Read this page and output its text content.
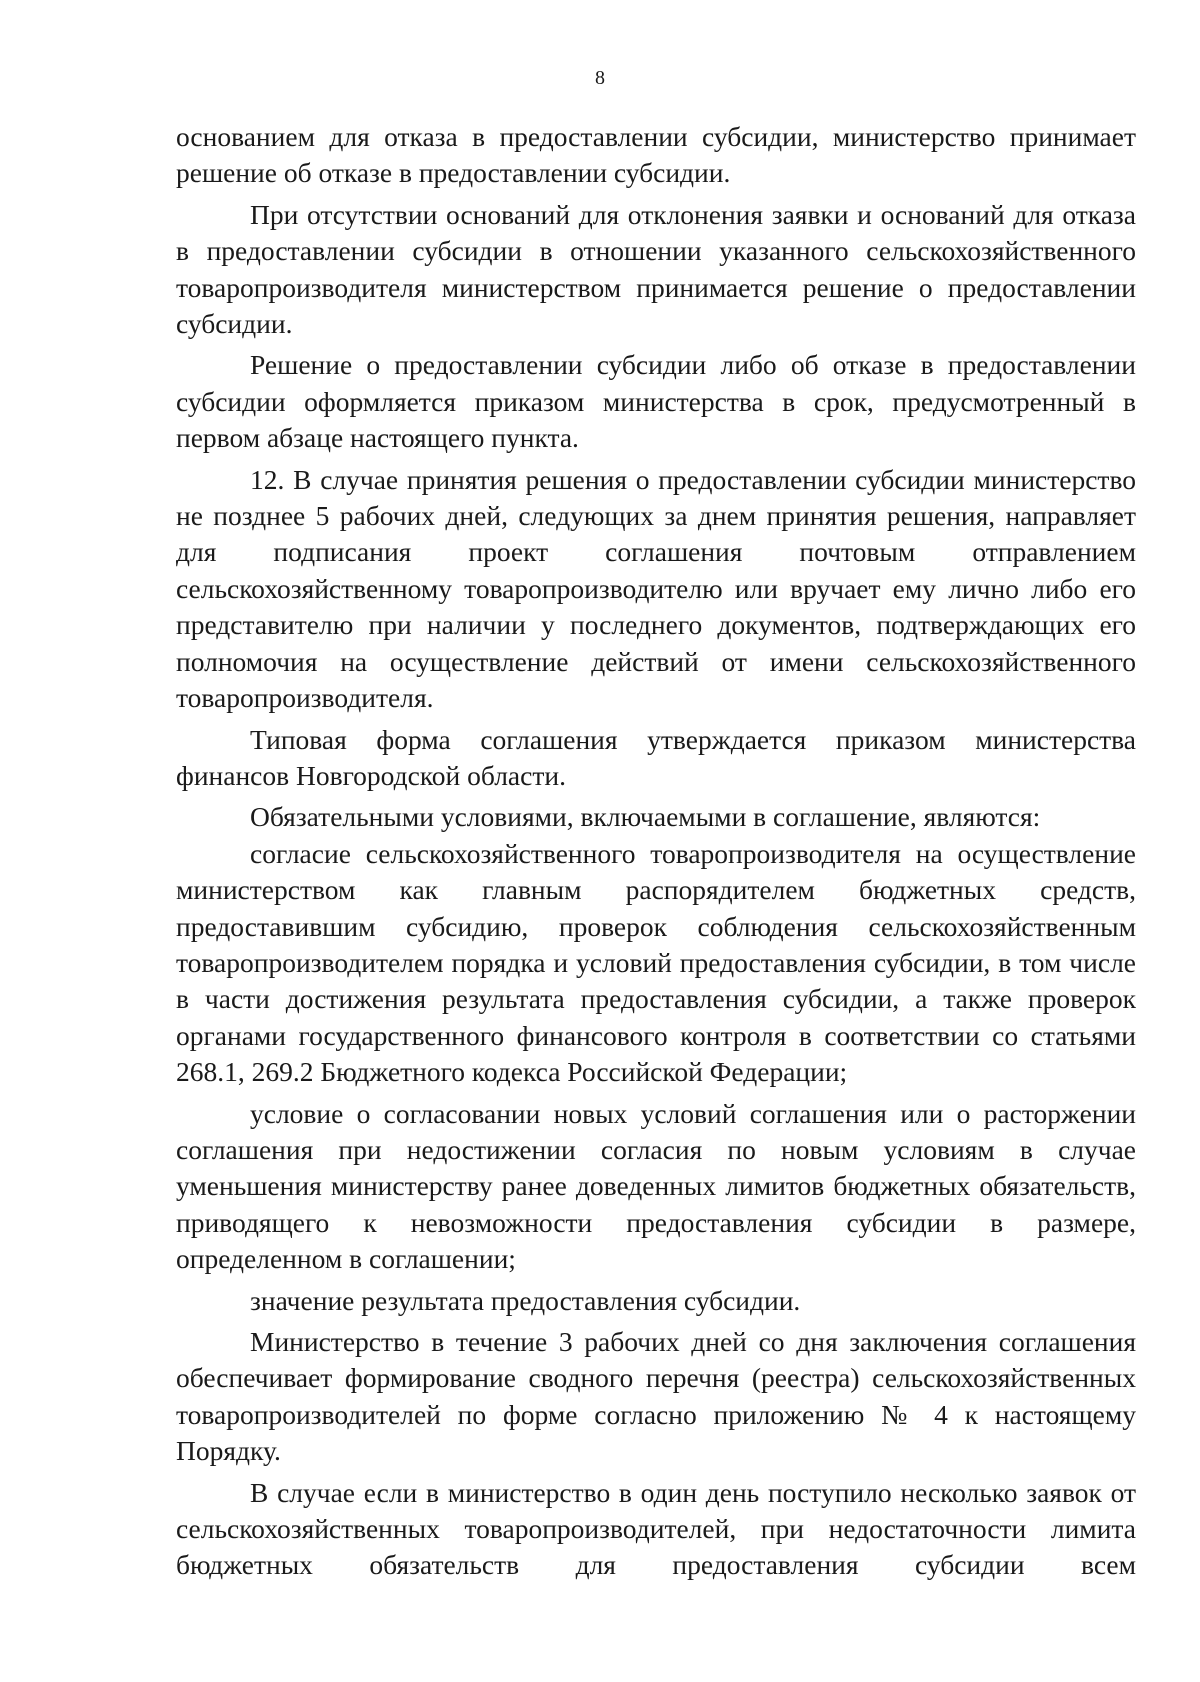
8

основанием для отказа в предоставлении субсидии, министерство принимает решение об отказе в предоставлении субсидии.

При отсутствии оснований для отклонения заявки и оснований для отказа в предоставлении субсидии в отношении указанного сельскохозяйственного товаропроизводителя министерством принимается решение о предоставлении субсидии.

Решение о предоставлении субсидии либо об отказе в предоставлении субсидии оформляется приказом министерства в срок, предусмотренный в первом абзаце настоящего пункта.

12. В случае принятия решения о предоставлении субсидии министерство не позднее 5 рабочих дней, следующих за днем принятия решения, направляет для подписания проект соглашения почтовым отправлением сельскохозяйственному товаропроизводителю или вручает ему лично либо его представителю при наличии у последнего документов, подтверждающих его полномочия на осуществление действий от имени сельскохозяйственного товаропроизводителя.

Типовая форма соглашения утверждается приказом министерства финансов Новгородской области.

Обязательными условиями, включаемыми в соглашение, являются:

согласие сельскохозяйственного товаропроизводителя на осуществление министерством как главным распорядителем бюджетных средств, предоставившим субсидию, проверок соблюдения сельскохозяйственным товаропроизводителем порядка и условий предоставления субсидии, в том числе в части достижения результата предоставления субсидии, а также проверок органами государственного финансового контроля в соответствии со статьями 268.1, 269.2 Бюджетного кодекса Российской Федерации;

условие о согласовании новых условий соглашения или о расторжении соглашения при недостижении согласия по новым условиям в случае уменьшения министерству ранее доведенных лимитов бюджетных обязательств, приводящего к невозможности предоставления субсидии в размере, определенном в соглашении;

значение результата предоставления субсидии.

Министерство в течение 3 рабочих дней со дня заключения соглашения обеспечивает формирование сводного перечня (реестра) сельскохозяйственных товаропроизводителей по форме согласно приложению № 4 к настоящему Порядку.

В случае если в министерство в один день поступило несколько заявок от сельскохозяйственных товаропроизводителей, при недостаточности лимита бюджетных обязательств для предоставления субсидии всем
